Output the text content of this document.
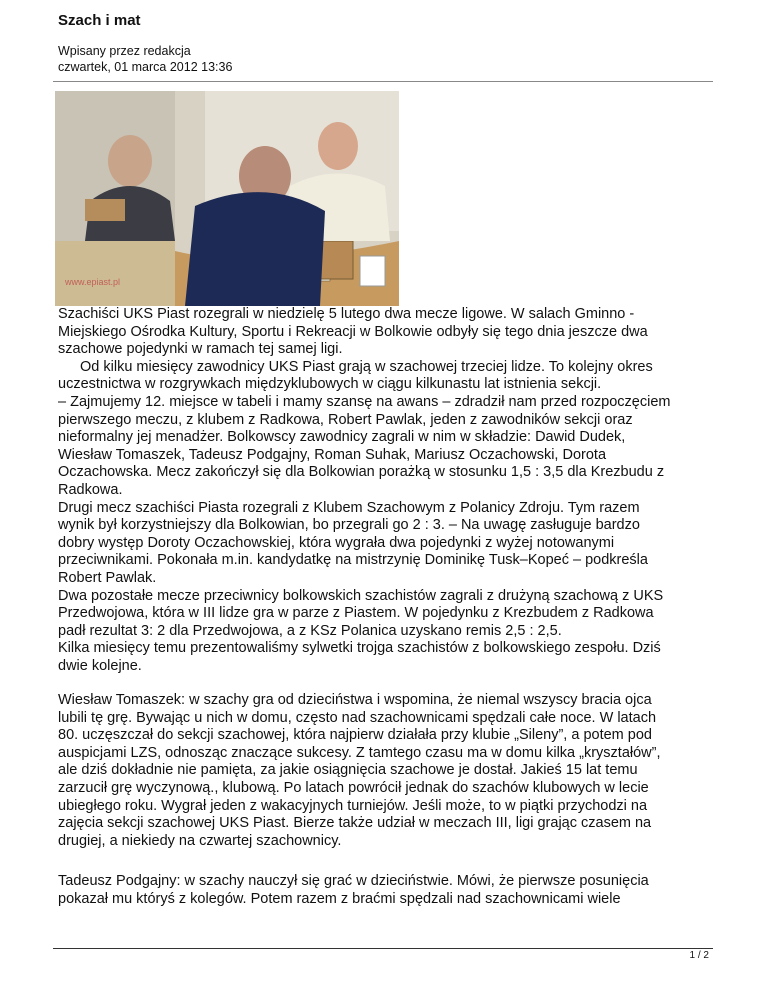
Szach i mat
Wpisany przez redakcja
czwartek, 01 marca 2012 13:36
www.epiast.pl
Szachiści UKS Piast rozegrali w niedzielę 5 lutego dwa mecze ligowe. W salach Gminno -
Miejskiego Ośrodka Kultury, Sportu i Rekreacji w Bolkowie odbyły się tego dnia jeszcze dwa
szachowe pojedynki w ramach tej samej ligi.
Od kilku miesięcy zawodnicy UKS Piast grają w szachowej trzeciej lidze. To kolejny okres
uczestnictwa w rozgrywkach międzyklubowych w ciągu kilkunastu lat istnienia sekcji.
– Zajmujemy 12. miejsce w tabeli i mamy szansę na awans – zdradził nam przed rozpoczęciem
pierwszego meczu, z klubem z Radkowa, Robert Pawlak, jeden z zawodników sekcji oraz
nieformalny jej menadżer. Bolkowscy zawodnicy zagrali w nim w składzie: Dawid Dudek,
Wiesław Tomaszek, Tadeusz Podgajny, Roman Suhak, Mariusz Oczachowski, Dorota
Oczachowska. Mecz zakończył się dla Bolkowian porażką w stosunku 1,5 : 3,5 dla Krezbudu z
Radkowa.
Drugi mecz szachiści Piasta rozegrali z Klubem Szachowym z Polanicy Zdroju. Tym razem
wynik był korzystniejszy dla Bolkowian, bo przegrali go 2 : 3. – Na uwagę zasługuje bardzo
dobry występ Doroty Oczachowskiej, która wygrała dwa pojedynki z wyżej notowanymi
przeciwnikami. Pokonała m.in. kandydatkę na mistrzynię Dominikę Tusk–Kopeć – podkreśla
Robert Pawlak.
Dwa pozostałe mecze przeciwnicy bolkowskich szachistów zagrali z drużyną szachową z UKS
Przedwojowa, która w III lidze gra w parze z Piastem. W pojedynku z Krezbudem z Radkowa
padł rezultat 3: 2 dla Przedwojowa, a z KSz Polanica uzyskano remis 2,5 : 2,5.
Kilka miesięcy temu prezentowaliśmy sylwetki trojga szachistów z bolkowskiego zespołu. Dziś
dwie kolejne.
Wiesław Tomaszek: w szachy gra od dzieciństwa i wspomina, że niemal wszyscy bracia ojca
lubili tę grę. Bywając u nich w domu, często nad szachownicami spędzali całe noce. W latach
80. uczęszczał do sekcji szachowej, która najpierw działała przy klubie „Sileny”, a potem pod
auspicjami LZS, odnosząc znaczące sukcesy. Z tamtego czasu ma w domu kilka „kryształów”,
ale dziś dokładnie nie pamięta, za jakie osiągnięcia szachowe je dostał. Jakieś 15 lat temu
zarzucił grę wyczynową., klubową. Po latach powrócił jednak do szachów klubowych w lecie
ubiegłego roku. Wygrał jeden z wakacyjnych turniejów. Jeśli może, to w piątki przychodzi na
zajęcia sekcji szachowej UKS Piast. Bierze także udział w meczach III, ligi grając czasem na
drugiej, a niekiedy na czwartej szachownicy.
Tadeusz Podgajny: w szachy nauczył się grać w dzieciństwie. Mówi, że pierwsze posunięcia
pokazał mu któryś z kolegów. Potem razem z braćmi spędzali nad szachownicami wiele
1 / 2
